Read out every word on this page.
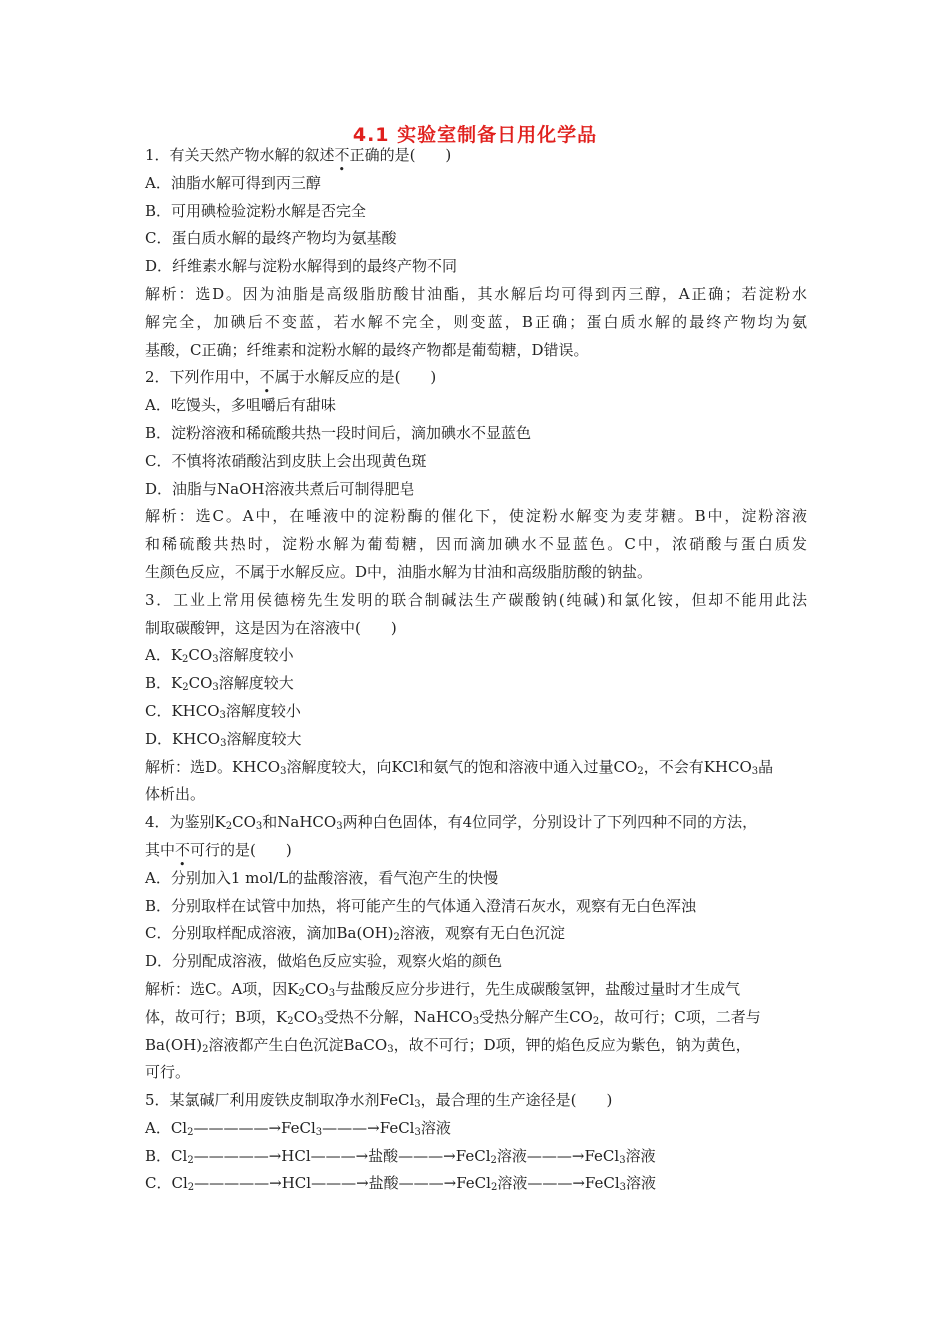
4.1 实验室制备日用化学品
1．有关天然产物水解的叙述不
•
正确的是(　　)
A．油脂水解可得到丙三醇
B．可用碘检验淀粉水解是否完全
C．蛋白质水解的最终产物均为氨基酸
D．纤维素水解与淀粉水解得到的最终产物不同
解析：选D。因为油脂是高级脂肪酸甘油酯，其水解后均可得到丙三醇，A正确；若淀粉水
解完全，加碘后不变蓝，若水解不完全，则变蓝，B正确；蛋白质水解的最终产物均为氨
基酸，C正确；纤维素和淀粉水解的最终产物都是葡萄糖，D错误。
2．下列作用中，不
•
属于水解反应的是(　　)
A．吃馒头，多咀嚼后有甜味
B．淀粉溶液和稀硫酸共热一段时间后，滴加碘水不显蓝色
C．不慎将浓硝酸沾到皮肤上会出现黄色斑
D．油脂与NaOH溶液共煮后可制得肥皂
解析：选C。A中，在唾液中的淀粉酶的催化下，使淀粉水解变为麦芽糖。B中，淀粉溶液
和稀硫酸共热时，淀粉水解为葡萄糖，因而滴加碘水不显蓝色。C中，浓硝酸与蛋白质发
生颜色反应，不属于水解反应。D中，油脂水解为甘油和高级脂肪酸的钠盐。
3．工业上常用侯德榜先生发明的联合制碱法生产碳酸钠(纯碱)和氯化铵，但却不能用此法
制取碳酸钾，这是因为在溶液中(　　)
A．$K_2CO_3$溶解度较小
B．$K_2CO_3$溶解度较大
C．$KHCO_3$溶解度较小
D．$KHCO_3$溶解度较大
解析：选D。$KHCO_3$溶解度较大，向KCl和氨气的饱和溶液中通入过量$CO_2$，不会有$KHCO_3$晶
体析出。
4．为鉴别$K_2CO_3$和NaHCO$_3$两种白色固体，有4位同学，分别设计了下列四种不同的方法，
其中不
•
可行的是(　　)
A．分别加入1 mol/L的盐酸溶液，看气泡产生的快慢
B．分别取样在试管中加热，将可能产生的气体通入澄清石灰水，观察有无白色浑浊
C．分别取样配成溶液，滴加$Ba(OH)_2$溶液，观察有无白色沉淀
D．分别配成溶液，做焰色反应实验，观察火焰的颜色
解析：选C。A项，因$K_2CO_3$与盐酸反应分步进行，先生成碳酸氢钾，盐酸过量时才生成气
体，故可行；B项，$K_2CO_3$受热不分解，NaHCO$_3$受热分解产生$CO_2$，故可行；C项，二者与
$Ba(OH)_2$溶液都产生白色沉淀BaCO$_3$，故不可行；D项，钾的焰色反应为紫色，钠为黄色，
可行。
5．某氯碱厂利用废铁皮制取净水剂FeCl$_3$，最合理的生产途径是(　　)
A．$Cl_2—————\to FeCl_3———\to FeCl_3$溶液
B．$Cl_2—————\to HCl———\to$盐酸———→FeCl$_2$溶液———→FeCl$_3$溶液
C．$Cl_2—————\to HCl———\to$盐酸———→FeCl$_2$溶液———→FeCl$_3$溶液
